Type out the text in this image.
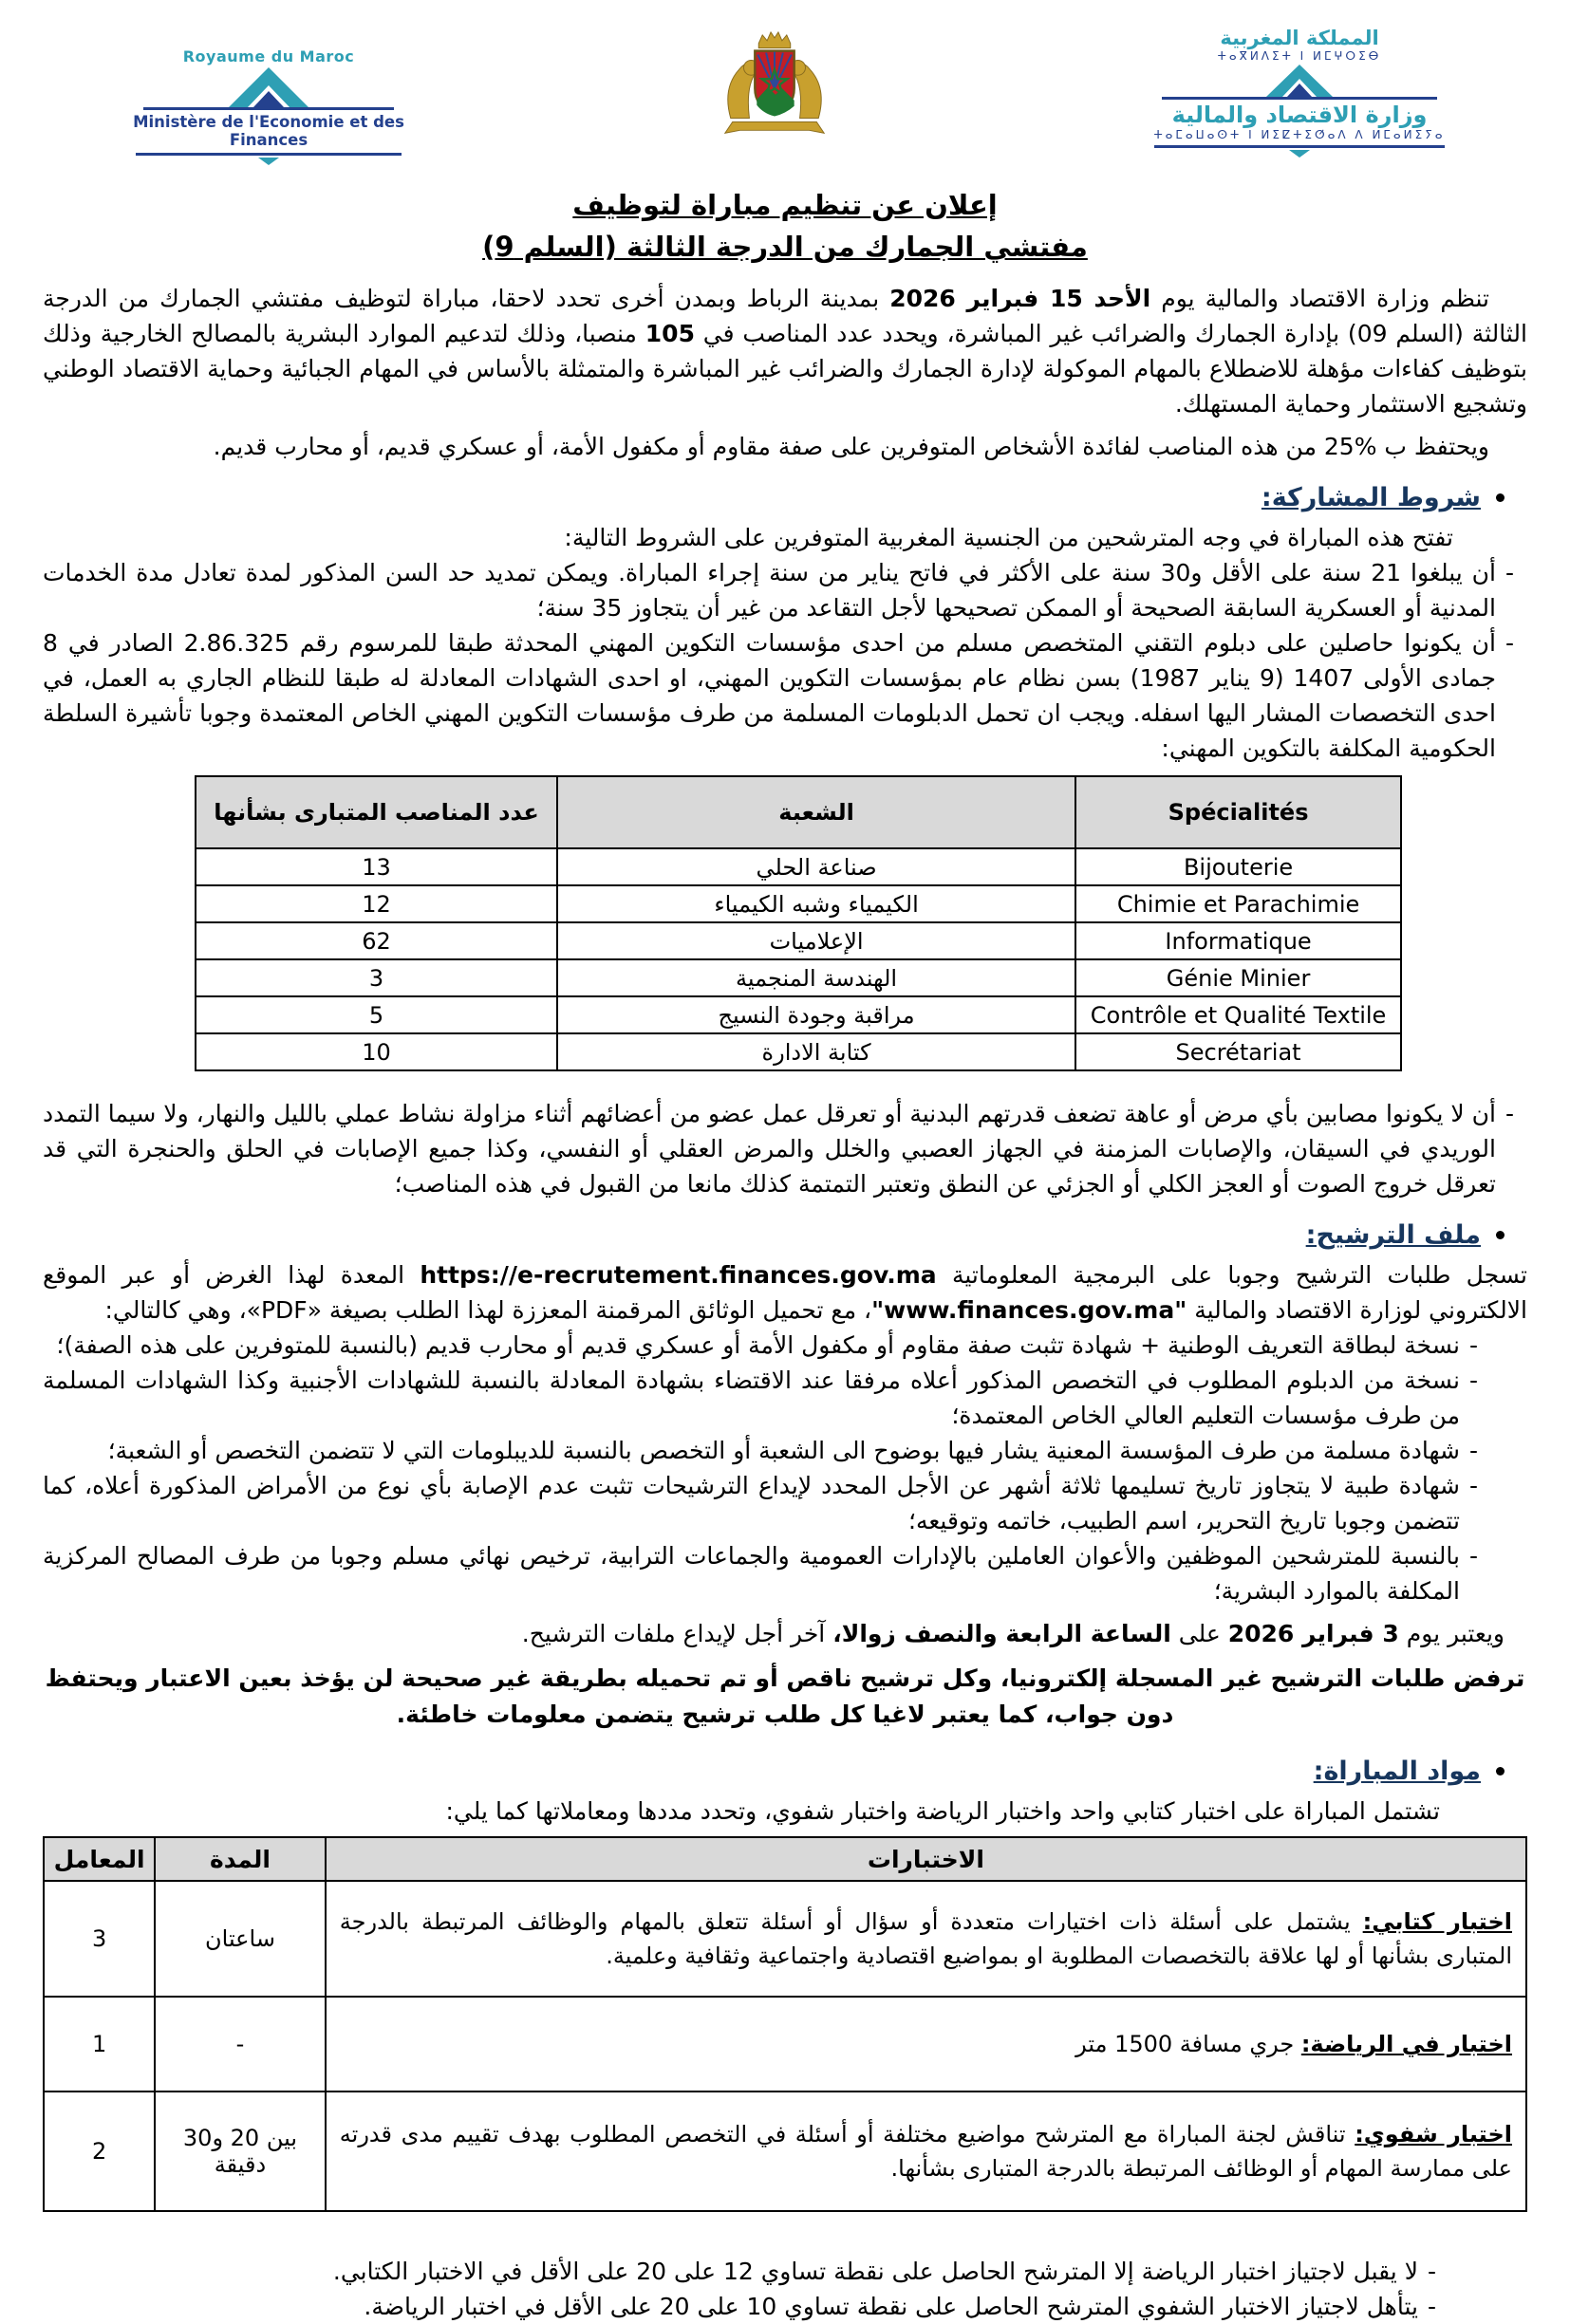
Royaume du Maroc
Ministère de l'Economie et des Finances
المملكة المغربية
ⵜⴰⴳⵍⴷⵉⵜ ⵏ ⵍⵎⵖⵔⵉⴱ
وزارة الاقتصاد والمالية
ⵜⴰⵎⴰⵡⴰⵙⵜ ⵏ ⵍⵉⵇⵜⵉⵚⴰⴷ ⴷ ⵍⵎⴰⵍⵉⵢⴰ
إعلان عن تنظيم مباراة لتوظيف
مفتشي الجمارك من الدرجة الثالثة (السلم 9)

تنظم وزارة الاقتصاد والمالية يوم الأحد 15 فبراير 2026 بمدينة الرباط وبمدن أخرى تحدد لاحقا، مباراة لتوظيف مفتشي الجمارك من الدرجة الثالثة (السلم 09) بإدارة الجمارك والضرائب غير المباشرة، ويحدد عدد المناصب في 105 منصبا، وذلك لتدعيم الموارد البشرية بالمصالح الخارجية وذلك بتوظيف كفاءات مؤهلة للاضطلاع بالمهام الموكولة لإدارة الجمارك والضرائب غير المباشرة والمتمثلة بالأساس في المهام الجبائية وحماية الاقتصاد الوطني وتشجيع الاستثمار وحماية المستهلك.

ويحتفظ ب %25 من هذه المناصب لفائدة الأشخاص المتوفرين على صفة مقاوم أو مكفول الأمة، أو عسكري قديم، أو محارب قديم.

شروط المشاركة:
تفتح هذه المباراة في وجه المترشحين من الجنسية المغربية المتوفرين على الشروط التالية:
-
أن يبلغوا 21 سنة على الأقل و30 سنة على الأكثر في فاتح يناير من سنة إجراء المباراة. ويمكن تمديد حد السن المذكور لمدة تعادل مدة الخدمات المدنية أو العسكرية السابقة الصحيحة أو الممكن تصحيحها لأجل التقاعد من غير أن يتجاوز 35 سنة؛
-
أن يكونوا حاصلين على دبلوم التقني المتخصص مسلم من احدى مؤسسات التكوين المهني المحدثة طبقا للمرسوم رقم 2.86.325 الصادر في 8 جمادى الأولى 1407 (9 يناير 1987) بسن نظام عام بمؤسسات التكوين المهني، او احدى الشهادات المعادلة له طبقا للنظام الجاري به العمل، في احدى التخصصات المشار اليها اسفله. ويجب ان تحمل الدبلومات المسلمة من طرف مؤسسات التكوين المهني الخاص المعتمدة وجوبا تأشيرة السلطة الحكومية المكلفة بالتكوين المهني:
Spécialités	الشعبة	عدد المناصب المتبارى بشأنها
Bijouterie	صناعة الحلي	13
Chimie et Parachimie	الكيمياء وشبه الكيمياء	12
Informatique	الإعلاميات	62
Génie Minier	الهندسة المنجمية	3
Contrôle et Qualité Textile	مراقبة وجودة النسيج	5
Secrétariat	كتابة الادارة	10
-
أن لا يكونوا مصابين بأي مرض أو عاهة تضعف قدرتهم البدنية أو تعرقل عمل عضو من أعضائهم أثناء مزاولة نشاط عملي بالليل والنهار، ولا سيما التمدد الوريدي في السيقان، والإصابات المزمنة في الجهاز العصبي والخلل والمرض العقلي أو النفسي، وكذا جميع الإصابات في الحلق والحنجرة التي قد تعرقل خروج الصوت أو العجز الكلي أو الجزئي عن النطق وتعتبر التمتمة كذلك مانعا من القبول في هذه المناصب؛
ملف الترشيح:

تسجل طلبات الترشيح وجوبا على البرمجية المعلوماتية https://e-recrutement.finances.gov.ma المعدة لهذا الغرض أو عبر الموقع الالكتروني لوزارة الاقتصاد والمالية "www.finances.gov.ma"، مع تحميل الوثائق المرقمنة المعززة لهذا الطلب بصيغة «PDF»، وهي كالتالي:

-
نسخة لبطاقة التعريف الوطنية + شهادة تثبت صفة مقاوم أو مكفول الأمة أو عسكري قديم أو محارب قديم (بالنسبة للمتوفرين على هذه الصفة)؛
-
نسخة من الدبلوم المطلوب في التخصص المذكور أعلاه مرفقا عند الاقتضاء بشهادة المعادلة بالنسبة للشهادات الأجنبية وكذا الشهادات المسلمة من طرف مؤسسات التعليم العالي الخاص المعتمدة؛
-
شهادة مسلمة من طرف المؤسسة المعنية يشار فيها بوضوح الى الشعبة أو التخصص بالنسبة للديبلومات التي لا تتضمن التخصص أو الشعبة؛
-
شهادة طبية لا يتجاوز تاريخ تسليمها ثلاثة أشهر عن الأجل المحدد لإيداع الترشيحات تثبت عدم الإصابة بأي نوع من الأمراض المذكورة أعلاه، كما تتضمن وجوبا تاريخ التحرير، اسم الطبيب، خاتمه وتوقيعه؛
-
بالنسبة للمترشحين الموظفين والأعوان العاملين بالإدارات العمومية والجماعات الترابية، ترخيص نهائي مسلم وجوبا من طرف المصالح المركزية المكلفة بالموارد البشرية؛

ويعتبر يوم 3 فبراير 2026 على الساعة الرابعة والنصف زوالا، آخر أجل لإيداع ملفات الترشيح.

ترفض طلبات الترشيح غير المسجلة إلكترونيا، وكل ترشيح ناقص أو تم تحميله بطريقة غير صحيحة لن يؤخذ بعين الاعتبار ويحتفظ دون جواب، كما يعتبر لاغيا كل طلب ترشيح يتضمن معلومات خاطئة.

مواد المباراة:
تشتمل المباراة على اختبار كتابي واحد واختبار الرياضة واختبار شفوي، وتحدد مددها ومعاملاتها كما يلي:
الاختبارات	المدة	المعامل
اختبار كتابي: يشتمل على أسئلة ذات اختيارات متعددة أو سؤال أو أسئلة تتعلق بالمهام والوظائف المرتبطة بالدرجة المتبارى بشأنها أو لها علاقة بالتخصصات المطلوبة او بمواضيع اقتصادية واجتماعية وثقافية وعلمية.	ساعتان	3
اختبار في الرياضة: جري مسافة 1500 متر	-	1
اختبار شفوي: تناقش لجنة المباراة مع المترشح مواضيع مختلفة أو أسئلة في التخصص المطلوب بهدف تقييم مدى قدرته على ممارسة المهام أو الوظائف المرتبطة بالدرجة المتبارى بشأنها.	بين 20 و30 دقيقة	2
-
لا يقبل لاجتياز اختبار الرياضة إلا المترشح الحاصل على نقطة تساوي 12 على 20 على الأقل في الاختبار الكتابي.
-
يتأهل لاجتياز الاختبار الشفوي المترشح الحاصل على نقطة تساوي 10 على 20 على الأقل في اختبار الرياضة.
